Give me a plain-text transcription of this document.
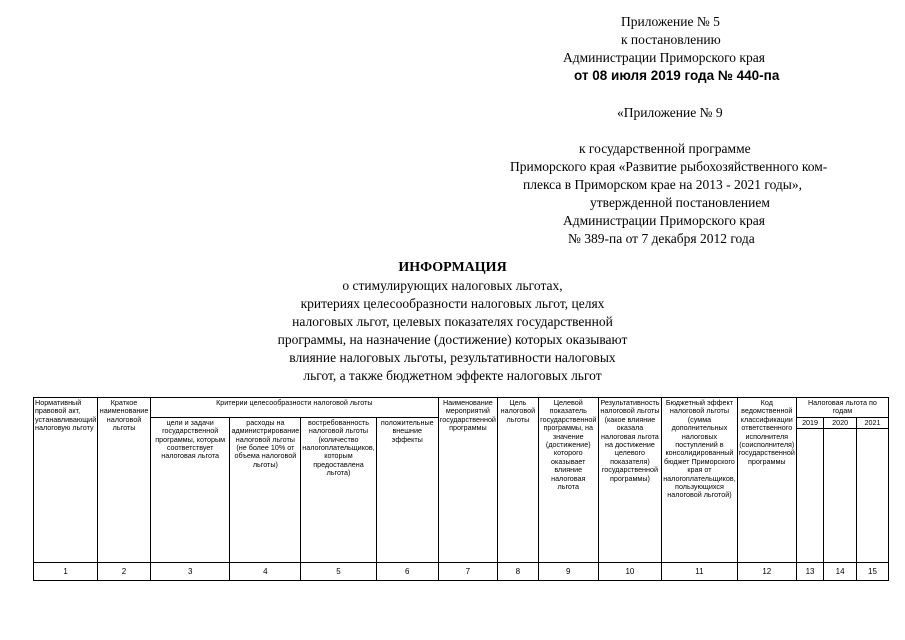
Приложение № 5
к постановлению
Администрации Приморского края
от 08 июля 2019 года № 440-па
«Приложение № 9
к государственной программе
Приморского края «Развитие рыбохозяйственного ком-
плекса в Приморском крае на 2013 - 2021 годы»,
утвержденной постановлением
Администрации Приморского края
№ 389-па от 7 декабря 2012 года
ИНФОРМАЦИЯ
о стимулирующих налоговых льготах,
критериях целесообразности налоговых льгот, целях
налоговых льгот, целевых показателях государственной
программы, на назначение (достижение) которых оказывают
влияние налоговых льготы, результативности налоговых
льгот, а также бюджетном эффекте налоговых льгот
Нормативный правовой акт, устанавливающий налоговую льготу	Краткое наименование налоговой льготы	Критерии целесообразности налоговой льготы				Наименование мероприятий государственной программы	Цель налоговой льготы	Целевой показатель государственной программы, на значение (достижение) которого оказывает влияние налоговая льгота	Результативность налоговой льготы (какое влияние оказала налоговая льгота на достижение целевого показателя) государственной программы)	Бюджетный эффект налоговой льготы (сумма дополнительных налоговых поступлений в консолидированный бюджет Приморского края от налогоплательщиков, пользующихся налоговой льготой)	Код ведомственной классификации ответственного исполнителя (соисполнителя) государственной программы	Налоговая льгота по годам		
		цели и задачи государственной программы, которым соответствует налоговая льгота	расходы на администрирование налоговой льготы (не более 10% от объема налоговой льготы)	востребованность налоговой льготы (количество налогоплательщиков, которым предоставлена льгота)	положительные внешние эффекты							2019	2020	2021

1	2	3	4	5	6	7	8	9	10	11	12	13	14	15
